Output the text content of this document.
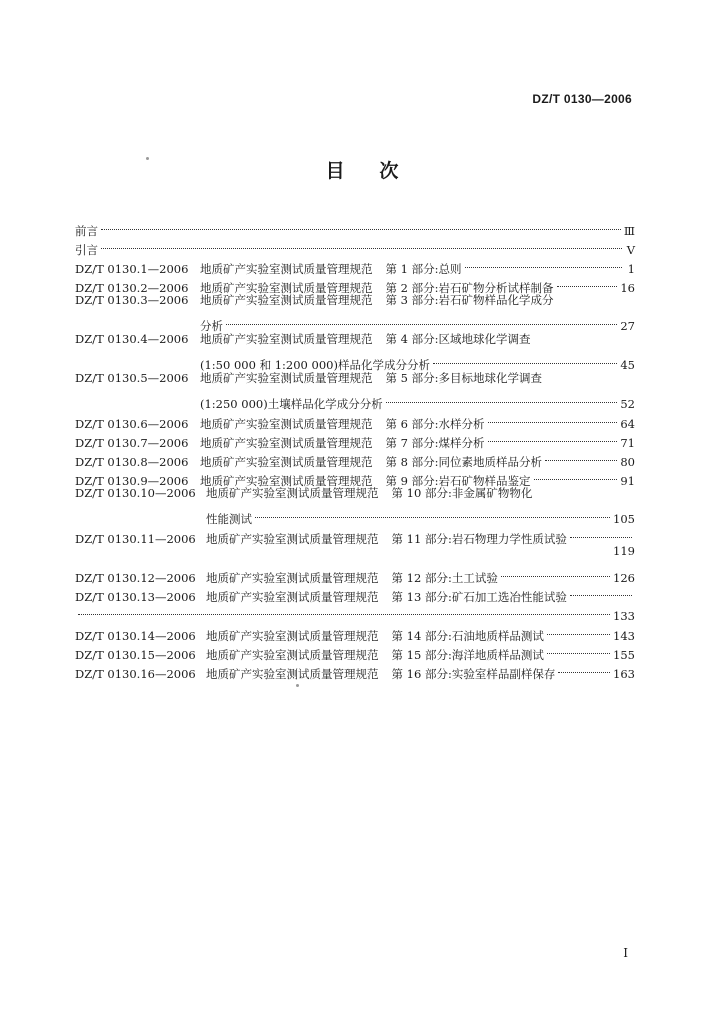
DZ/T 0130—2006
目 次
前言	Ⅲ
引言	Ⅴ
DZ/T 0130.1—2006	地质矿产实验室测试质量管理规范 第 1 部分:总则	1
DZ/T 0130.2—2006	地质矿产实验室测试质量管理规范 第 2 部分:岩石矿物分析试样制备	16
DZ/T 0130.3—2006	地质矿产实验室测试质量管理规范 第 3 部分:岩石矿物样品化学成分
分析	27
DZ/T 0130.4—2006	地质矿产实验室测试质量管理规范 第 4 部分:区域地球化学调查
(1:50 000 和 1:200 000)样品化学成分分析	45
DZ/T 0130.5—2006	地质矿产实验室测试质量管理规范 第 5 部分:多目标地球化学调查
(1:250 000)土壤样品化学成分分析	52
DZ/T 0130.6—2006	地质矿产实验室测试质量管理规范 第 6 部分:水样分析	64
DZ/T 0130.7—2006	地质矿产实验室测试质量管理规范 第 7 部分:煤样分析	71
DZ/T 0130.8—2006	地质矿产实验室测试质量管理规范 第 8 部分:同位素地质样品分析	80
DZ/T 0130.9—2006	地质矿产实验室测试质量管理规范 第 9 部分:岩石矿物样品鉴定	91
DZ/T 0130.10—2006 地质矿产实验室测试质量管理规范 第 10 部分:非金属矿物物化
性能测试	105
DZ/T 0130.11—2006 地质矿产实验室测试质量管理规范 第 11 部分:岩石物理力学性质试验
119
DZ/T 0130.12—2006 地质矿产实验室测试质量管理规范 第 12 部分:土工试验	126
DZ/T 0130.13—2006 地质矿产实验室测试质量管理规范 第 13 部分:矿石加工选冶性能试验
133
DZ/T 0130.14—2006 地质矿产实验室测试质量管理规范 第 14 部分:石油地质样品测试	143
DZ/T 0130.15—2006 地质矿产实验室测试质量管理规范 第 15 部分:海洋地质样品测试	155
DZ/T 0130.16—2006 地质矿产实验室测试质量管理规范 第 16 部分:实验室样品副样保存	163
Ⅰ
